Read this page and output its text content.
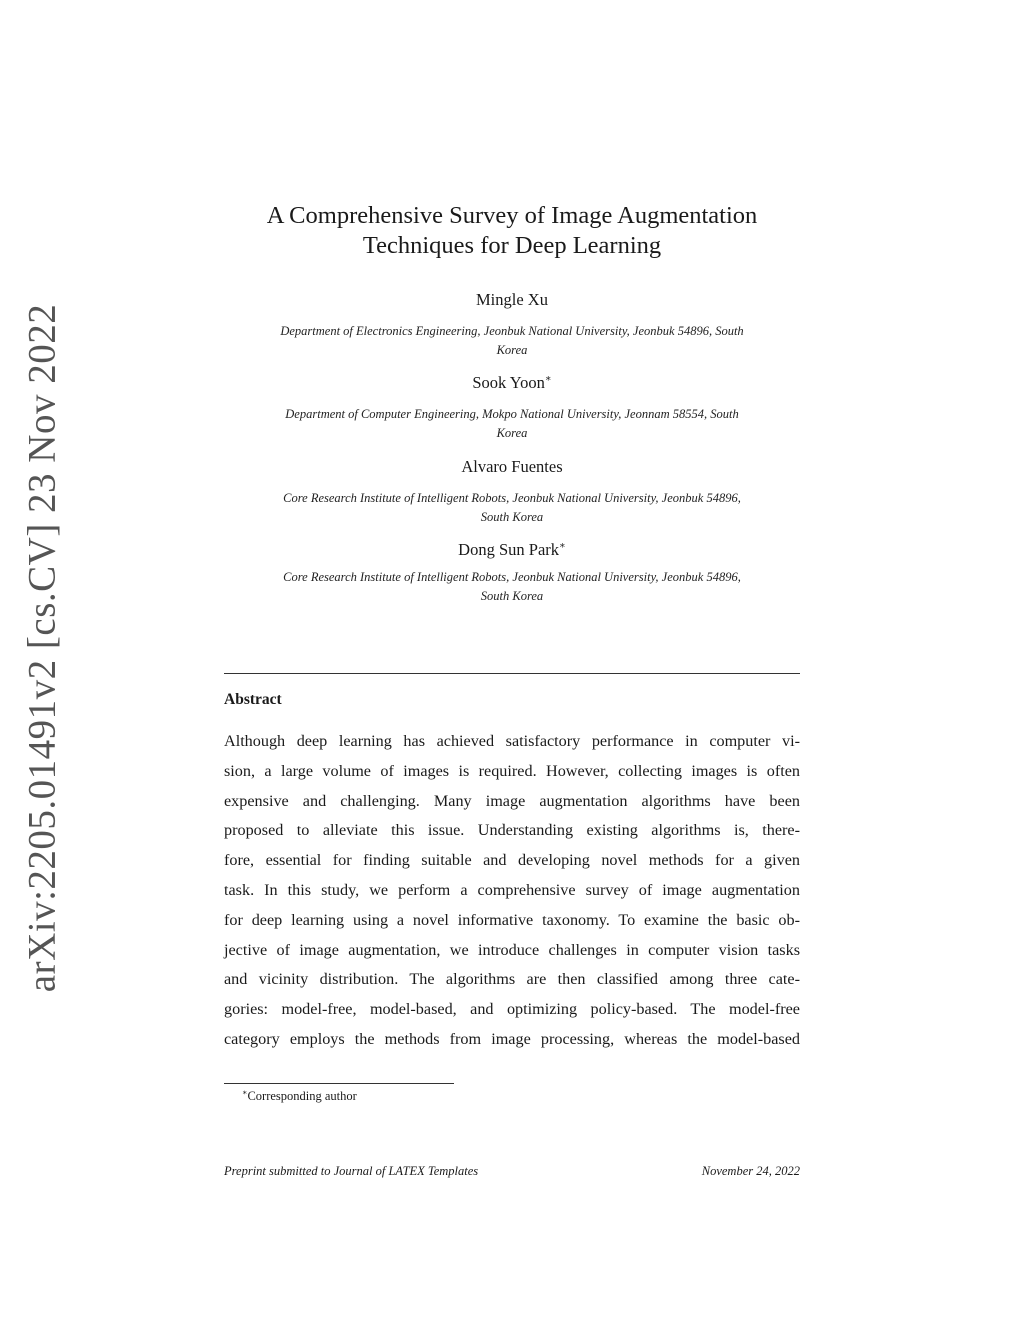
arXiv:2205.01491v2 [cs.CV] 23 Nov 2022
A Comprehensive Survey of Image Augmentation
Techniques for Deep Learning
Mingle Xu
Department of Electronics Engineering, Jeonbuk National University, Jeonbuk 54896, South
Korea
Sook Yoon∗
Department of Computer Engineering, Mokpo National University, Jeonnam 58554, South
Korea
Alvaro Fuentes
Core Research Institute of Intelligent Robots, Jeonbuk National University, Jeonbuk 54896,
South Korea
Dong Sun Park∗
Core Research Institute of Intelligent Robots, Jeonbuk National University, Jeonbuk 54896,
South Korea
Abstract
Although deep learning has achieved satisfactory performance in computer vi-
sion, a large volume of images is required. However, collecting images is often
expensive and challenging. Many image augmentation algorithms have been
proposed to alleviate this issue. Understanding existing algorithms is, there-
fore, essential for finding suitable and developing novel methods for a given
task. In this study, we perform a comprehensive survey of image augmentation
for deep learning using a novel informative taxonomy. To examine the basic ob-
jective of image augmentation, we introduce challenges in computer vision tasks
and vicinity distribution. The algorithms are then classified among three cate-
gories: model-free, model-based, and optimizing policy-based. The model-free
category employs the methods from image processing, whereas the model-based
∗Corresponding author
Preprint submitted to Journal of LATEX Templates	November 24, 2022
